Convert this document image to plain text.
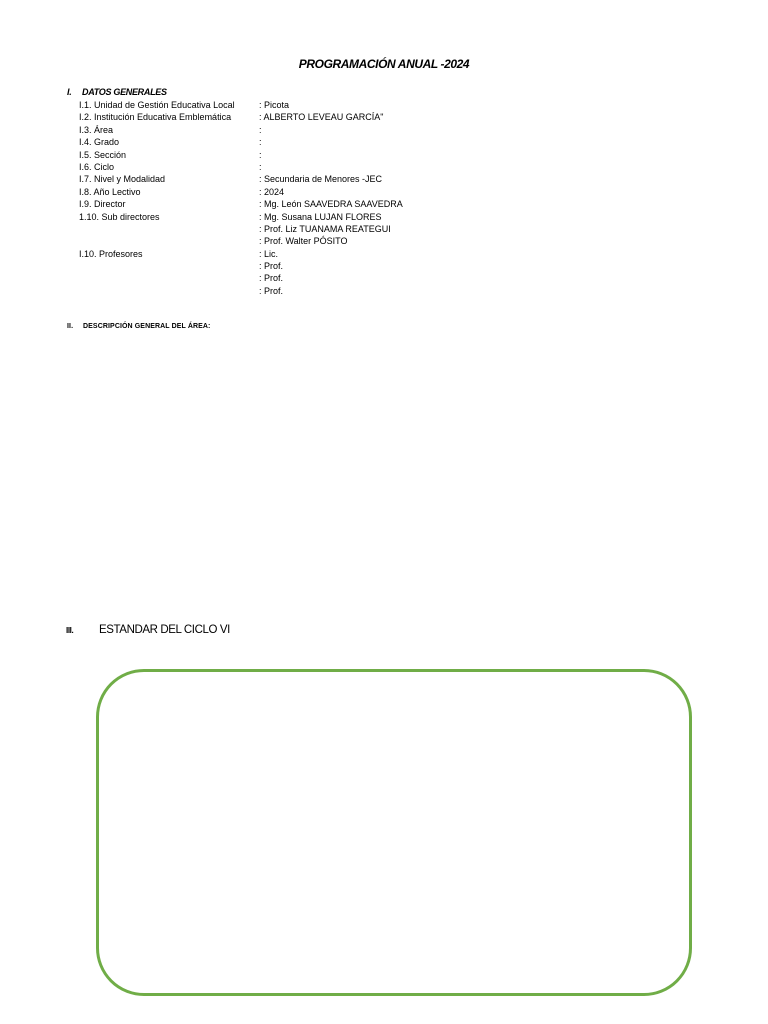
PROGRAMACIÓN ANUAL -2024
I. DATOS GENERALES
I.1. Unidad de Gestión Educativa Local	: Picota
I.2. Institución Educativa Emblemática	: ALBERTO LEVEAU GARCÍA"
I.3. Área	:
I.4. Grado	:
I.5. Sección	:
I.6. Ciclo	:
I.7. Nivel y Modalidad	: Secundaria de Menores -JEC
I.8. Año Lectivo	: 2024
I.9. Director	: Mg. León SAAVEDRA SAAVEDRA
1.10. Sub directores	: Mg. Susana LUJAN FLORES
: Prof. Liz TUANAMA REATEGUI
: Prof. Walter PÓSITO
I.10. Profesores	: Lic.
: Prof.
: Prof.
: Prof.
II. DESCRIPCIÓN GENERAL DEL ÁREA:
III. ESTANDAR DEL CICLO VI
